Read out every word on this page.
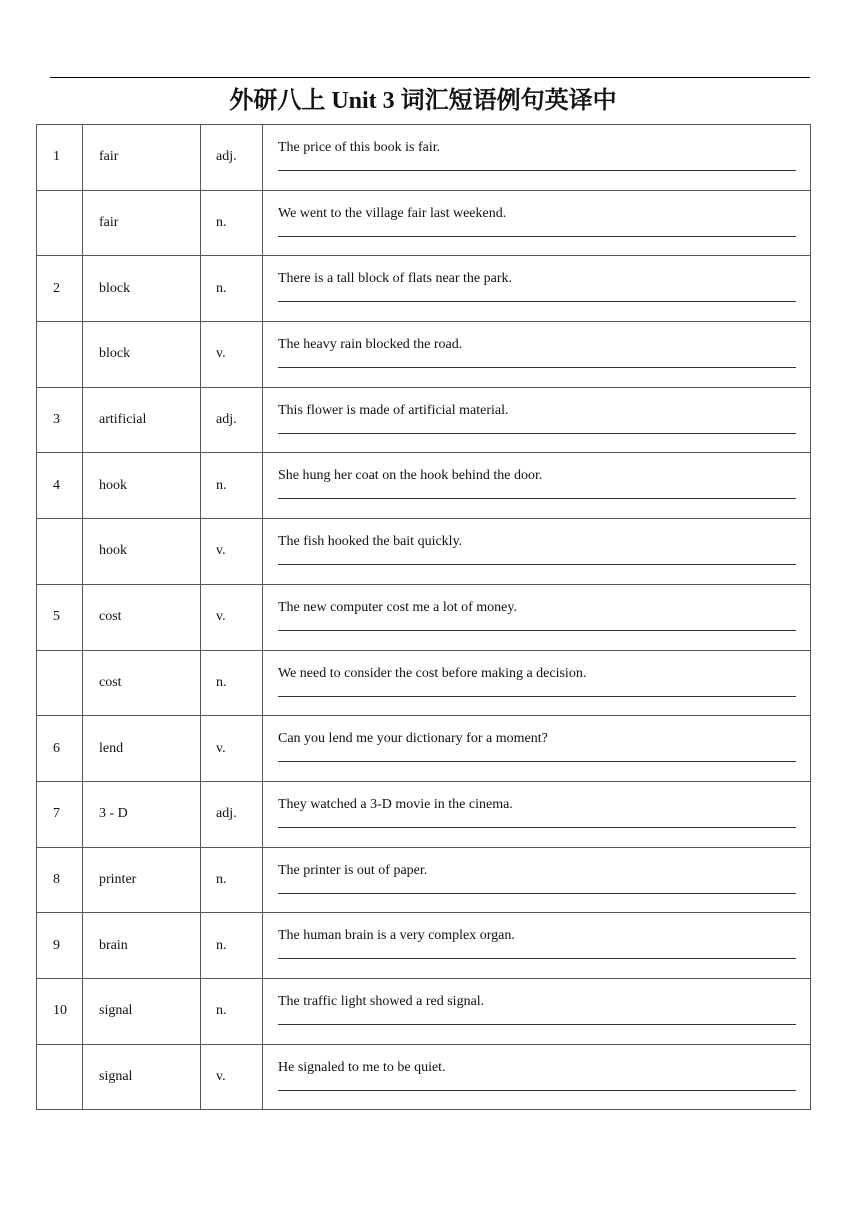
外研八上 Unit 3 词汇短语例句英译中
1	fair	adj.	The price of this book is fair.

	fair	n.	We went to the village fair last weekend.

2	block	n.	There is a tall block of flats near the park.

	block	v.	The heavy rain blocked the road.

3	artificial	adj.	This flower is made of artificial material.

4	hook	n.	She hung her coat on the hook behind the door.

	hook	v.	The fish hooked the bait quickly.

5	cost	v.	The new computer cost me a lot of money.

	cost	n.	We need to consider the cost before making a decision.

6	lend	v.	Can you lend me your dictionary for a moment?

7	3 - D	adj.	They watched a 3-D movie in the cinema.

8	printer	n.	The printer is out of paper.

9	brain	n.	The human brain is a very complex organ.

10	signal	n.	The traffic light showed a red signal.

	signal	v.	He signaled to me to be quiet.
